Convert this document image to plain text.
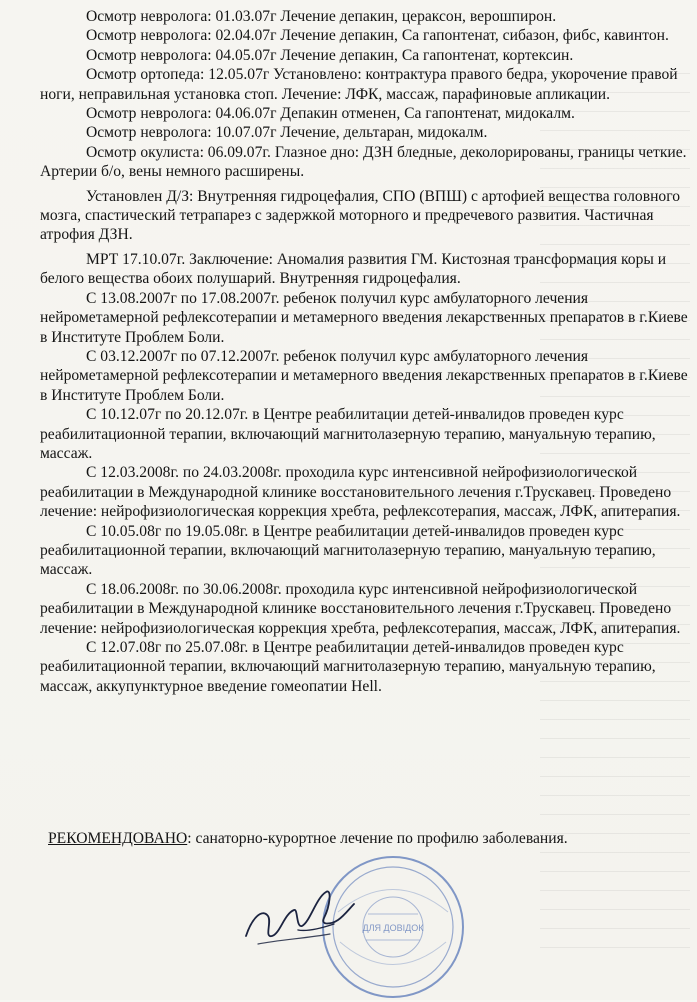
Осмотр невролога: 01.03.07г Лечение депакин, цераксон, верошпирон.

Осмотр невролога: 02.04.07г Лечение депакин, Са гапонтенат, сибазон, фибс, кавинтон.

Осмотр невролога: 04.05.07г Лечение депакин, Са гапонтенат, кортексин.

Осмотр ортопеда: 12.05.07г Установлено: контрактура правого бедра, укорочение правой ноги, неправильная установка стоп. Лечение: ЛФК, массаж, парафиновые апликации.

Осмотр невролога: 04.06.07г Депакин отменен, Са гапонтенат, мидокалм.

Осмотр невролога: 10.07.07г Лечение, дельтаран, мидокалм.

Осмотр окулиста: 06.09.07г. Глазное дно: ДЗН бледные, деколорированы, границы четкие. Артерии б/о, вены немного расширены.

Установлен Д/З: Внутренняя гидроцефалия, СПО (ВПШ) с артофией вещества головного мозга, спастический тетрапарез с задержкой моторного и предречевого развития. Частичная атрофия ДЗН.

МРТ 17.10.07г. Заключение: Аномалия развития ГМ. Кистозная трансформация коры и белого вещества обоих полушарий. Внутренняя гидроцефалия.

С 13.08.2007г по 17.08.2007г. ребенок получил курс амбулаторного лечения нейрометамерной рефлексотерапии и метамерного введения лекарственных препаратов в г.Киеве в Институте Проблем Боли.

С 03.12.2007г по 07.12.2007г. ребенок получил курс амбулаторного лечения нейрометамерной рефлексотерапии и метамерного введения лекарственных препаратов в г.Киеве в Институте Проблем Боли.

С 10.12.07г по 20.12.07г. в Центре реабилитации детей-инвалидов проведен курс реабилитационной терапии, включающий магнитолазерную терапию, мануальную терапию, массаж.

С 12.03.2008г. по 24.03.2008г. проходила курс интенсивной нейрофизиологической реабилитации в Международной клинике восстановительного лечения г.Трускавец. Проведено лечение: нейрофизиологическая коррекция хребта, рефлексотерапия, массаж, ЛФК, апитерапия.

С 10.05.08г по 19.05.08г. в Центре реабилитации детей-инвалидов проведен курс реабилитационной терапии, включающий магнитолазерную терапию, мануальную терапию, массаж.

С 18.06.2008г. по 30.06.2008г. проходила курс интенсивной нейрофизиологической реабилитации в Международной клинике восстановительного лечения г.Трускавец. Проведено лечение: нейрофизиологическая коррекция хребта, рефлексотерапия, массаж, ЛФК, апитерапия.

С 12.07.08г по 25.07.08г. в Центре реабилитации детей-инвалидов проведен курс реабилитационной терапии, включающий магнитолазерную терапию, мануальную терапию, массаж, аккупунктурное введение гомеопатии Hell.

РЕКОМЕНДОВАНО: санаторно-курортное лечение по профилю заболевания.
ДЛЯ ДОВІДОК
